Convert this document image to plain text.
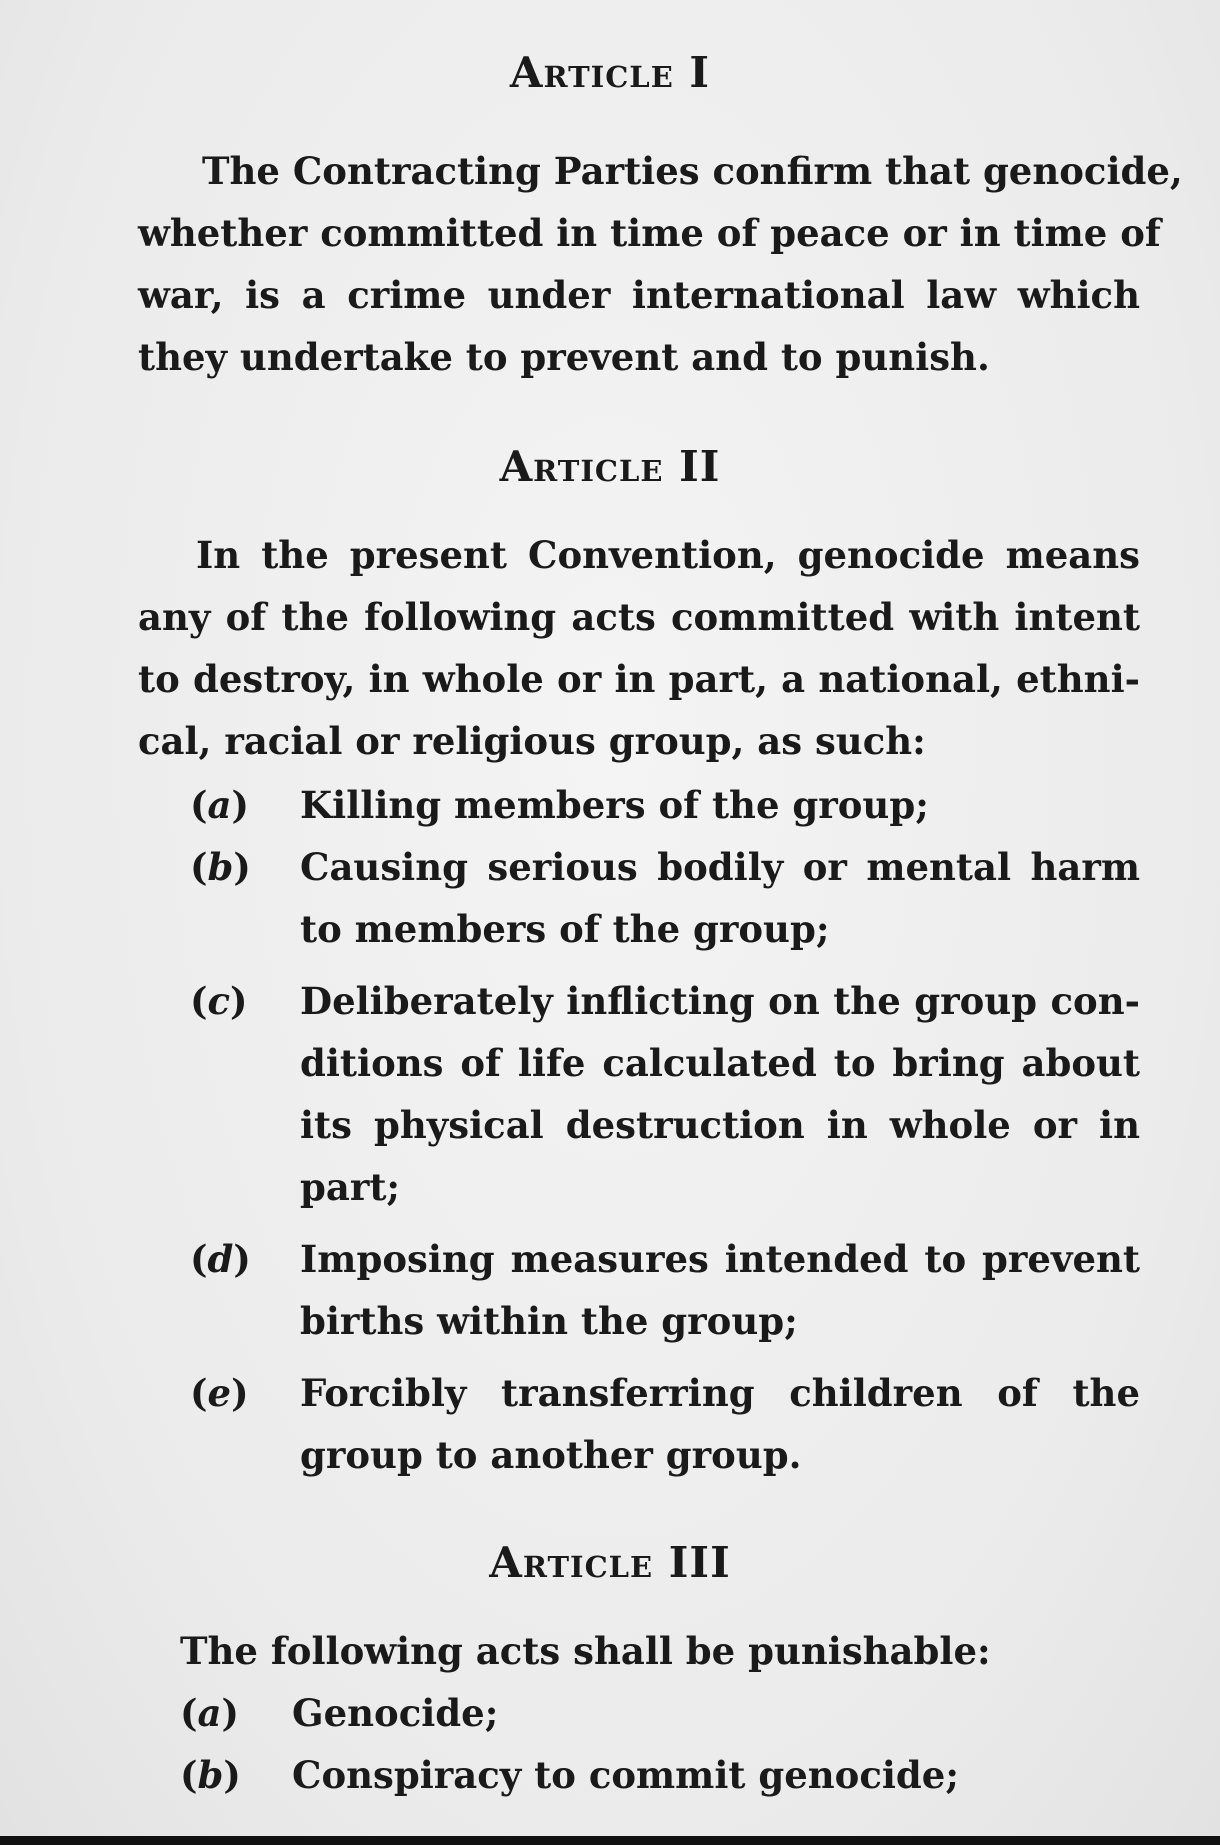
Article I
The Contracting Parties confirm that genocide,
whether committed in time of peace or in time of
war, is a crime under international law which
they undertake to prevent and to punish.
Article II
In the present Convention, genocide means
any of the following acts committed with intent
to destroy, in whole or in part, a national, ethni-
cal, racial or religious group, as such:
(a) Killing members of the group;
(b) Causing serious bodily or mental harm
to members of the group;
(c) Deliberately inflicting on the group con-
ditions of life calculated to bring about
its physical destruction in whole or in
part;
(d) Imposing measures intended to prevent
births within the group;
(e) Forcibly transferring children of the
group to another group.
Article III
The following acts shall be punishable:
(a) Genocide;
(b) Conspiracy to commit genocide;
